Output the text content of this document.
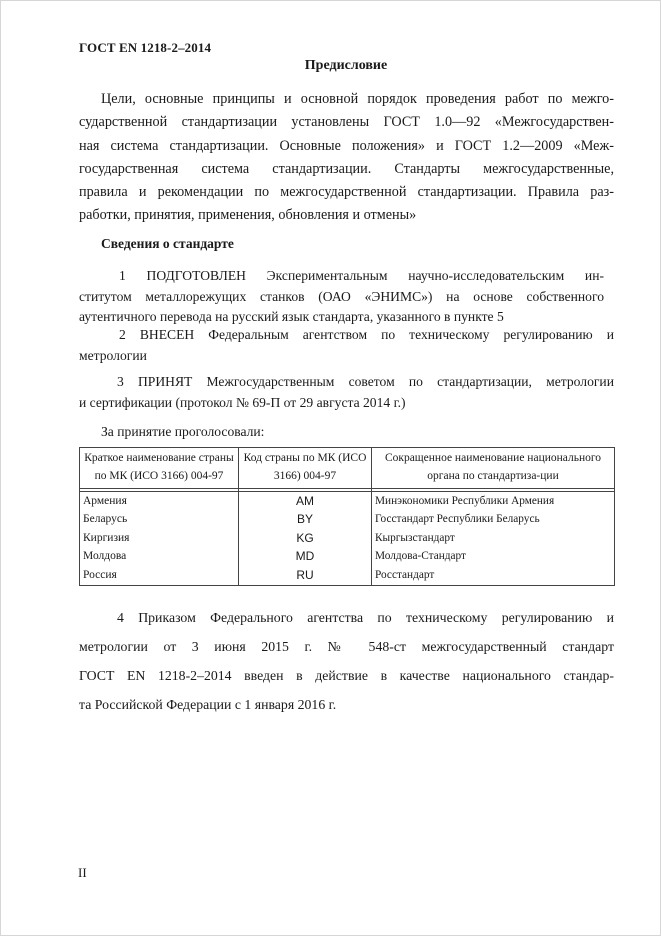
ГОСТ EN 1218-2–2014
Предисловие
Цели, основные принципы и основной порядок проведения работ по межго-
сударственной стандартизации установлены ГОСТ 1.0—92 «Межгосударствен-
ная система стандартизации. Основные положения» и ГОСТ 1.2—2009 «Меж-
государственная система стандартизации. Стандарты межгосударственные,
правила и рекомендации по межгосударственной стандартизации. Правила раз-
работки, принятия, применения, обновления и отмены»
Сведения о стандарте
1 ПОДГОТОВЛЕН Экспериментальным научно-исследовательским ин-
ститутом металлорежущих станков (ОАО «ЭНИМС») на основе собственного
аутентичного перевода на русский язык стандарта, указанного в пункте 5
2 ВНЕСЕН Федеральным агентством по техническому регулированию и
метрологии
3 ПРИНЯТ Межгосударственным советом по стандартизации, метрологии
и сертификации (протокол № 69-П от 29 августа 2014 г.)
За принятие проголосовали:
Краткое наименование страны по МК (ИСО 3166) 004-97	Код страны по МК (ИСО 3166) 004-97	Сокращенное наименование национального органа по стандартиза-ции

Армения	AM	Минэкономики Республики Армения
Беларусь	BY	Госстандарт Республики Беларусь
Киргизия	KG	Кыргызстандарт
Молдова	MD	Молдова-Стандарт
Россия	RU	Росстандарт
4 Приказом Федерального агентства по техническому регулированию и
метрологии от 3 июня 2015 г. № 548-ст межгосударственный стандарт
ГОСТ EN 1218-2–2014 введен в действие в качестве национального стандар-
та Российской Федерации с 1 января 2016 г.
II
